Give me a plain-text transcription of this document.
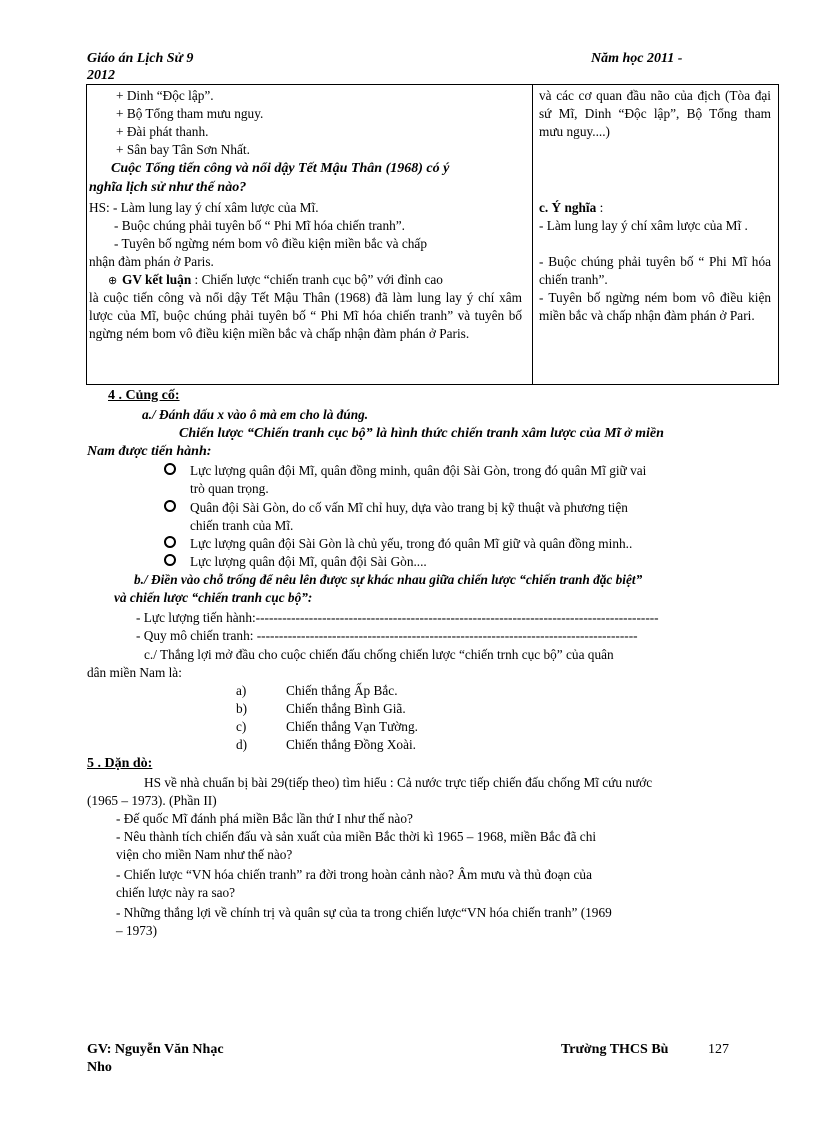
Giáo án Lịch Sử 9
2012
Năm học 2011 -
+ Dinh “Độc lập”.
+ Bộ Tổng tham mưu nguy.
+ Đài phát thanh.
+ Sân bay Tân Sơn Nhất.
Cuộc Tổng tiến công và nổi dậy Tết Mậu Thân (1968) có ý
nghĩa lịch sử như thế nào?
HS: - Làm lung lay ý chí xâm lược của Mĩ.
- Buộc chúng phải tuyên bố “ Phi Mĩ hóa chiến tranh”.
- Tuyên bố ngừng ném bom vô điều kiện miền bắc và chấp
nhận đàm phán ở Paris.
⊕ GV kết luận : Chiến lược “chiến tranh cục bộ” với đỉnh cao
là cuộc tiến công và nổi dậy Tết Mậu Thân (1968) đã làm lung lay ý chí xâm lược của Mĩ, buộc chúng phải tuyên bố “ Phi Mĩ hóa chiến tranh” và tuyên bố ngừng ném bom vô điều kiện miền bắc và chấp nhận đàm phán ở Paris.
và các cơ quan đầu não của địch (Tòa đại sứ Mĩ, Dinh “Độc lập”, Bộ Tổng tham mưu nguy....)
c. Ý nghĩa :
- Làm lung lay ý chí xâm lược của Mĩ .
- Buộc chúng phải tuyên bố “ Phi Mĩ hóa chiến tranh”.
- Tuyên bố ngừng ném bom vô điều kiện miền bắc và chấp nhận đàm phán ở Pari.
4 . Củng cố:
a./ Đánh dấu x vào ô mà em cho là đúng.
Chiến lược “Chiến tranh cục bộ” là hình thức chiến tranh xâm lược của Mĩ ở miền
Nam được tiến hành:
Lực lượng quân đội Mĩ, quân đồng minh, quân đội Sài Gòn, trong đó quân Mĩ giữ vai
trò quan trọng.
Quân đội Sài Gòn, do cố vấn Mĩ chỉ huy, dựa vào trang bị kỹ thuật và phương tiện
chiến tranh của Mĩ.
Lực lượng quân đội Sài Gòn là chủ yếu, trong đó quân Mĩ giữ và quân đồng minh..
Lực lượng quân đội Mĩ, quân đội Sài Gòn....
b./ Điền vào chỗ trống để nêu lên được sự khác nhau giữa chiến lược “chiến tranh đặc biệt”
và chiến lược “chiến tranh cục bộ”:
- Lực lượng tiến hành:-------------------------------------------------------------------------------------------
- Quy mô chiến tranh: --------------------------------------------------------------------------------------
c./ Thắng lợi mở đầu cho cuộc chiến đấu chống chiến lược “chiến trnh cục bộ” của quân
dân miền Nam là:
a)	Chiến thắng Ấp Bắc.
b)	Chiến thắng Bình Giã.
c)	Chiến thắng Vạn Tường.
d)	Chiến thắng Đồng Xoài.
5 . Dặn dò:
HS về nhà chuẩn bị bài 29(tiếp theo) tìm hiểu : Cả nước trực tiếp chiến đấu chống Mĩ cứu nước
(1965 – 1973). (Phần II)
- Đế quốc Mĩ đánh phá miền Bắc lần thứ I như thế nào?
- Nêu thành tích chiến đấu và sản xuất của miền Bắc thời kì 1965 – 1968, miền Bắc đã chi
viện cho miền Nam như thế nào?
- Chiến lược “VN hóa chiến tranh” ra đời trong hoàn cảnh nào? Âm mưu và thủ đoạn của
chiến lược này ra sao?
- Những thắng lợi về chính trị và quân sự của ta trong chiến lược“VN hóa chiến tranh” (1969
– 1973)
GV: Nguyễn Văn Nhạc
Nho
Trường THCS Bù	127
